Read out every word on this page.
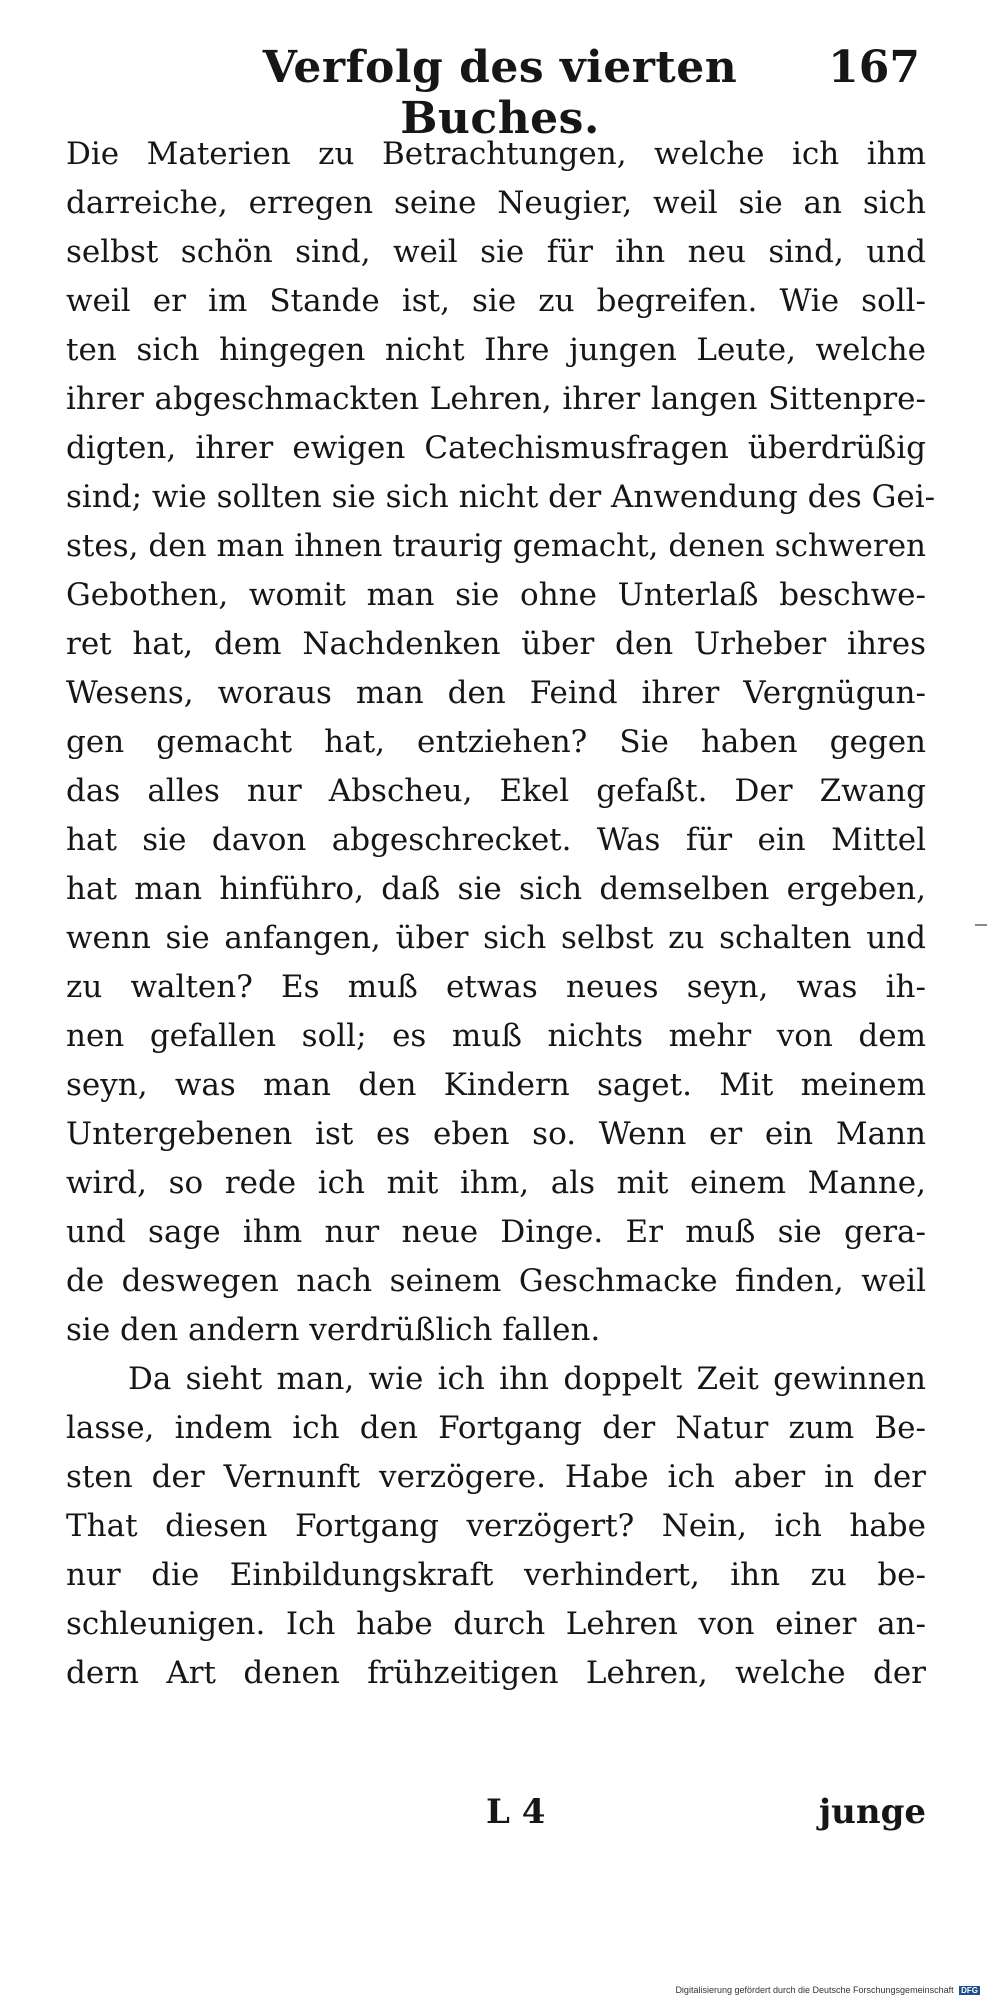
Verfolg des vierten Buches.
167
Die Materien zu Betrachtungen, welche ich ihm
darreiche, erregen seine Neugier, weil sie an sich
selbst schön sind, weil sie für ihn neu sind, und
weil er im Stande ist, sie zu begreifen. Wie soll-
ten sich hingegen nicht Ihre jungen Leute, welche
ihrer abgeschmackten Lehren, ihrer langen Sittenpre-
digten, ihrer ewigen Catechismusfragen überdrüßig
sind; wie sollten sie sich nicht der Anwendung des Gei-
stes, den man ihnen traurig gemacht, denen schweren
Gebothen, womit man sie ohne Unterlaß beschwe-
ret hat, dem Nachdenken über den Urheber ihres
Wesens, woraus man den Feind ihrer Vergnügun-
gen gemacht hat, entziehen? Sie haben gegen
das alles nur Abscheu, Ekel gefaßt. Der Zwang
hat sie davon abgeschrecket. Was für ein Mittel
hat man hinführo, daß sie sich demselben ergeben,
wenn sie anfangen, über sich selbst zu schalten und
zu walten? Es muß etwas neues seyn, was ih-
nen gefallen soll; es muß nichts mehr von dem
seyn, was man den Kindern saget. Mit meinem
Untergebenen ist es eben so. Wenn er ein Mann
wird, so rede ich mit ihm, als mit einem Manne,
und sage ihm nur neue Dinge. Er muß sie gera-
de deswegen nach seinem Geschmacke finden, weil
sie den andern verdrüßlich fallen.
Da sieht man, wie ich ihn doppelt Zeit gewinnen
lasse, indem ich den Fortgang der Natur zum Be-
sten der Vernunft verzögere. Habe ich aber in der
That diesen Fortgang verzögert? Nein, ich habe
nur die Einbildungskraft verhindert, ihn zu be-
schleunigen. Ich habe durch Lehren von einer an-
dern Art denen frühzeitigen Lehren, welche der
L 4	junge
Digitalisierung gefördert durch die Deutsche Forschungsgemeinschaft DFG
